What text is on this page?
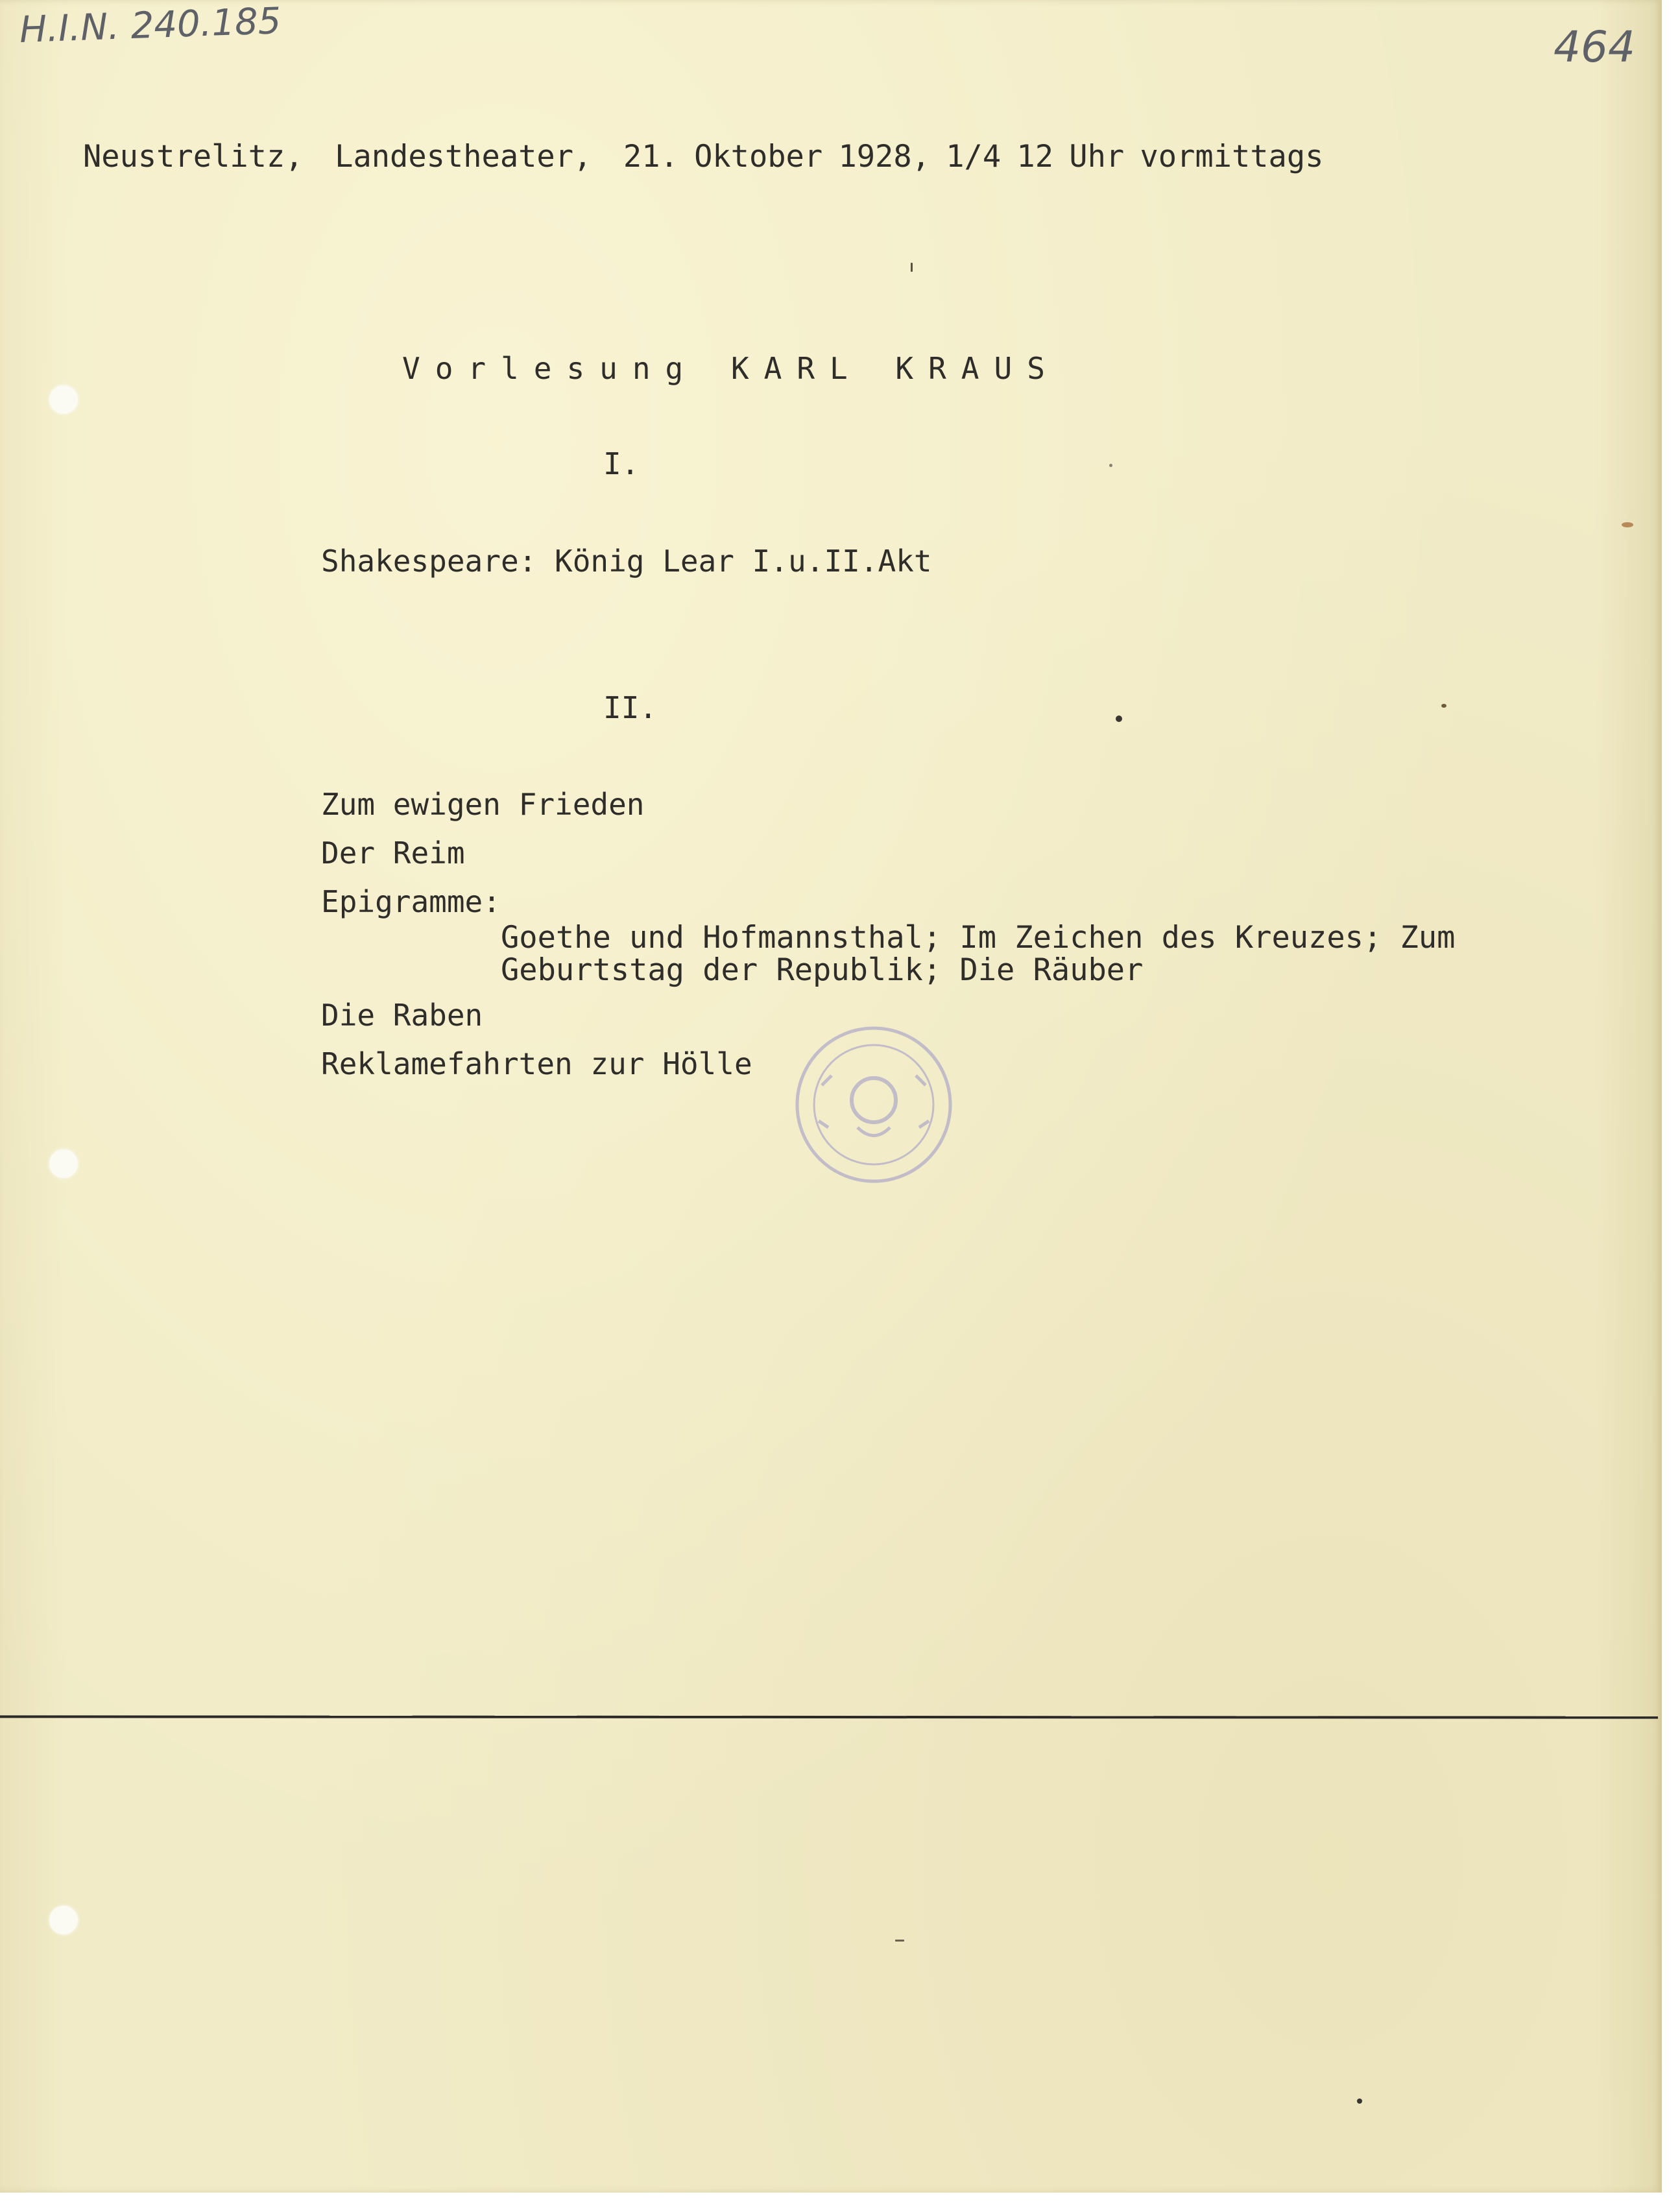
H.I.N. 240.185	464
Neustrelitz,  Landestheater,  21. Oktober 1928, 1/4 12 Uhr vormittags
Vorlesung KARL KRAUS
I.
Shakespeare: König Lear I.u.II.Akt
II.
Zum ewigen Frieden
Der Reim
Epigramme:
Goethe und Hofmannsthal; Im Zeichen des Kreuzes; Zum
Geburtstag der Republik; Die Räuber
Die Raben
Reklamefahrten zur Hölle
